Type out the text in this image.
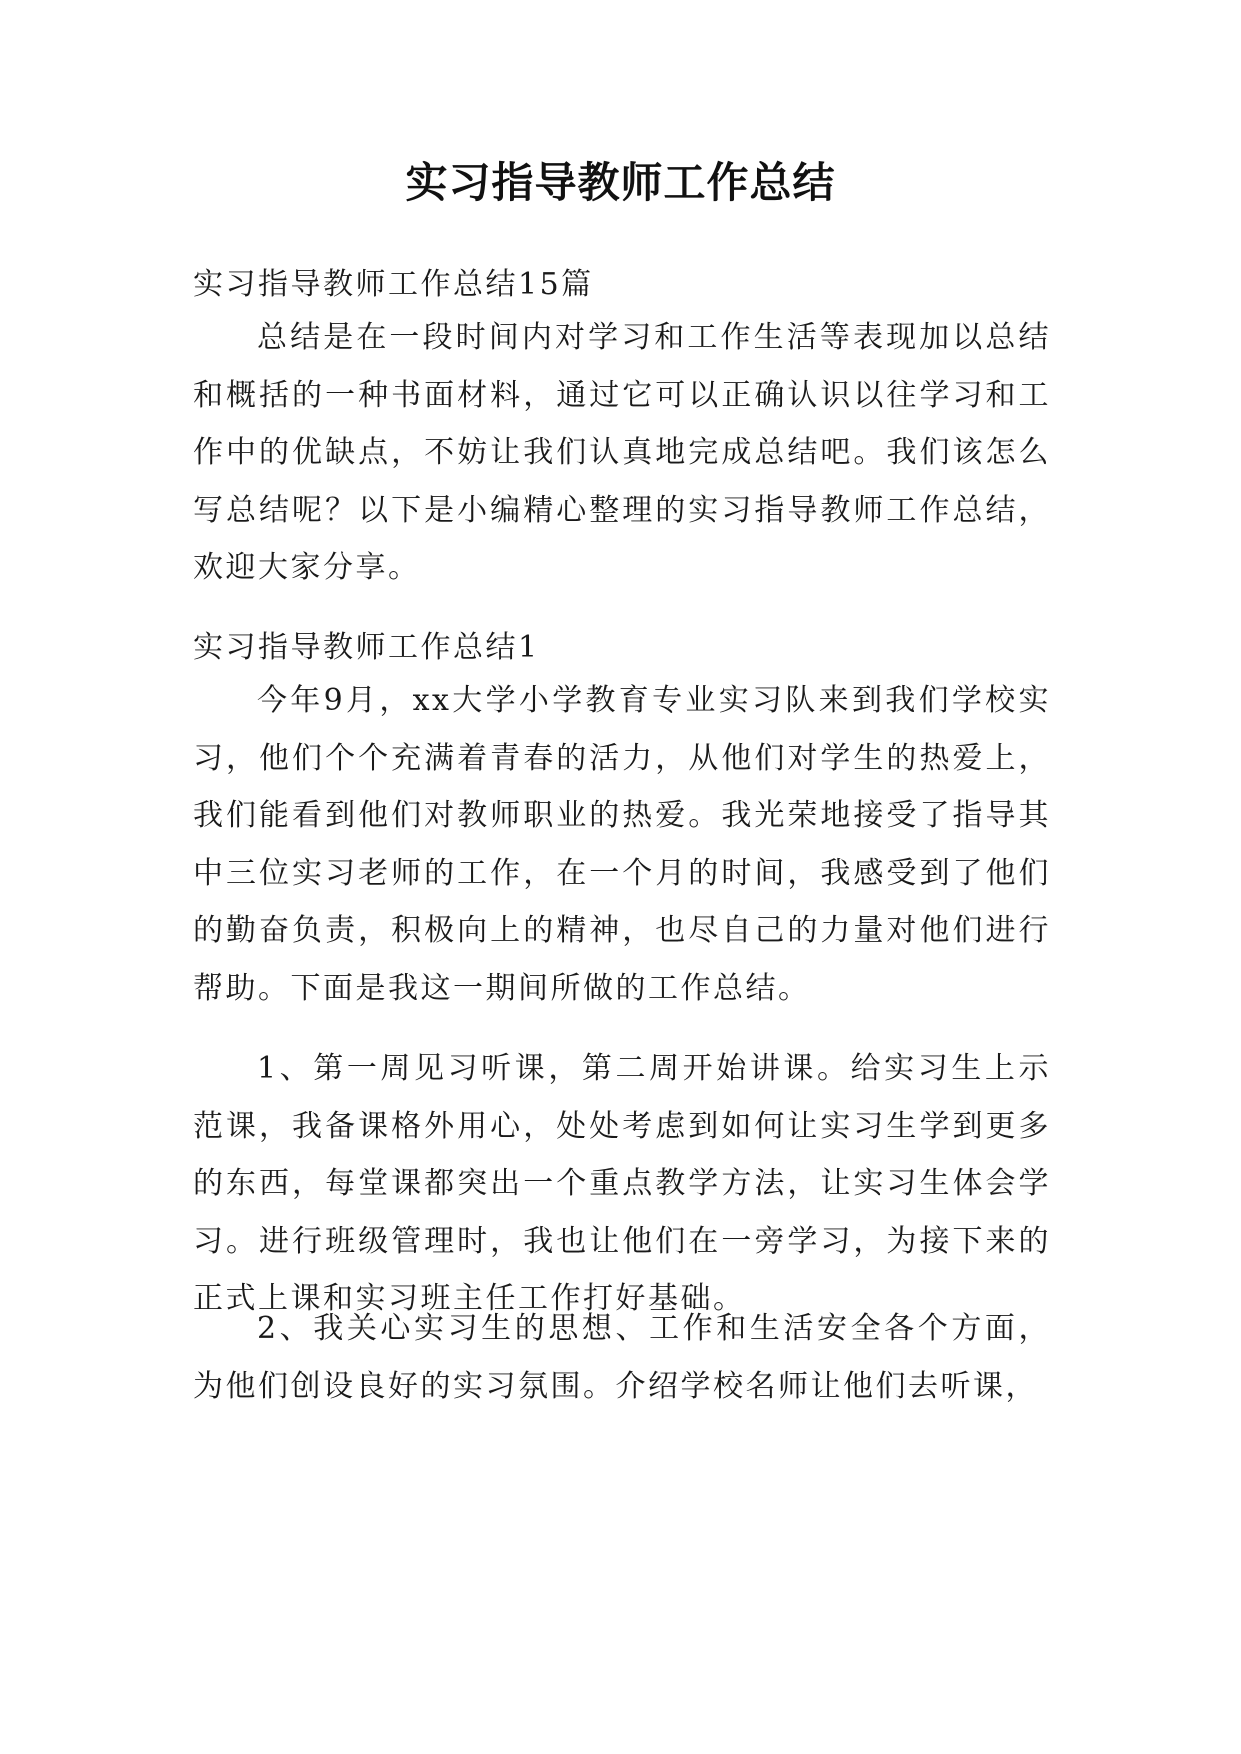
实习指导教师工作总结

实习指导教师工作总结15篇

总结是在一段时间内对学习和工作生活等表现加以总结和概括的一种书面材料，通过它可以正确认识以往学习和工作中的优缺点，不妨让我们认真地完成总结吧。我们该怎么写总结呢？以下是小编精心整理的实习指导教师工作总结，欢迎大家分享。

实习指导教师工作总结1

今年9月，xx大学小学教育专业实习队来到我们学校实习，他们个个充满着青春的活力，从他们对学生的热爱上，我们能看到他们对教师职业的热爱。我光荣地接受了指导其中三位实习老师的工作，在一个月的时间，我感受到了他们的勤奋负责，积极向上的精神，也尽自己的力量对他们进行帮助。下面是我这一期间所做的工作总结。

1、第一周见习听课，第二周开始讲课。给实习生上示范课，我备课格外用心，处处考虑到如何让实习生学到更多的东西，每堂课都突出一个重点教学方法，让实习生体会学习。进行班级管理时，我也让他们在一旁学习，为接下来的正式上课和实习班主任工作打好基础。

2、我关心实习生的思想、工作和生活安全各个方面，为他们创设良好的实习氛围。介绍学校名师让他们去听课，
